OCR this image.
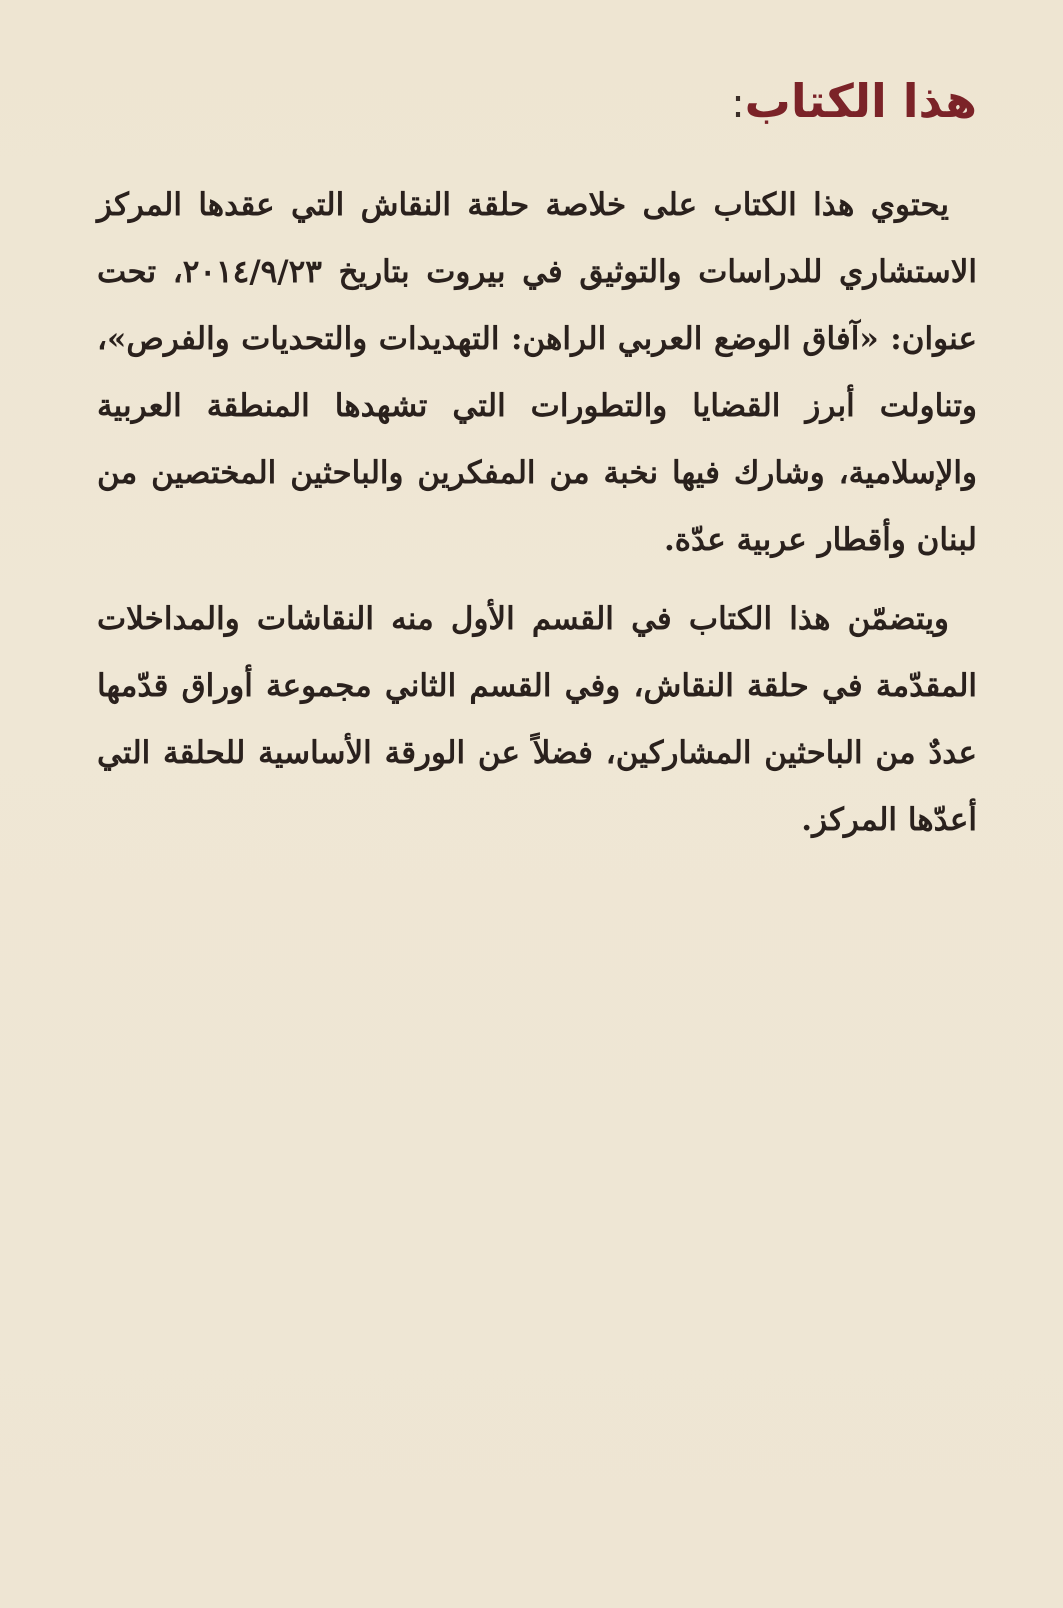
هذا الكتاب:

يحتوي هذا الكتاب على خلاصة حلقة النقاش التي عقدها المركز الاستشاري للدراسات والتوثيق في بيروت بتاريخ ٢٠١٤/٩/٢٣، تحت عنوان: «آفاق الوضع العربي الراهن: التهديدات والتحديات والفرص»، وتناولت أبرز القضايا والتطورات التي تشهدها المنطقة العربية والإسلامية، وشارك فيها نخبة من المفكرين والباحثين المختصين من لبنان وأقطار عربية عدّة.

ويتضمّن هذا الكتاب في القسم الأول منه النقاشات والمداخلات المقدّمة في حلقة النقاش، وفي القسم الثاني مجموعة أوراق قدّمها عددٌ من الباحثين المشاركين، فضلاً عن الورقة الأساسية للحلقة التي أعدّها المركز.
